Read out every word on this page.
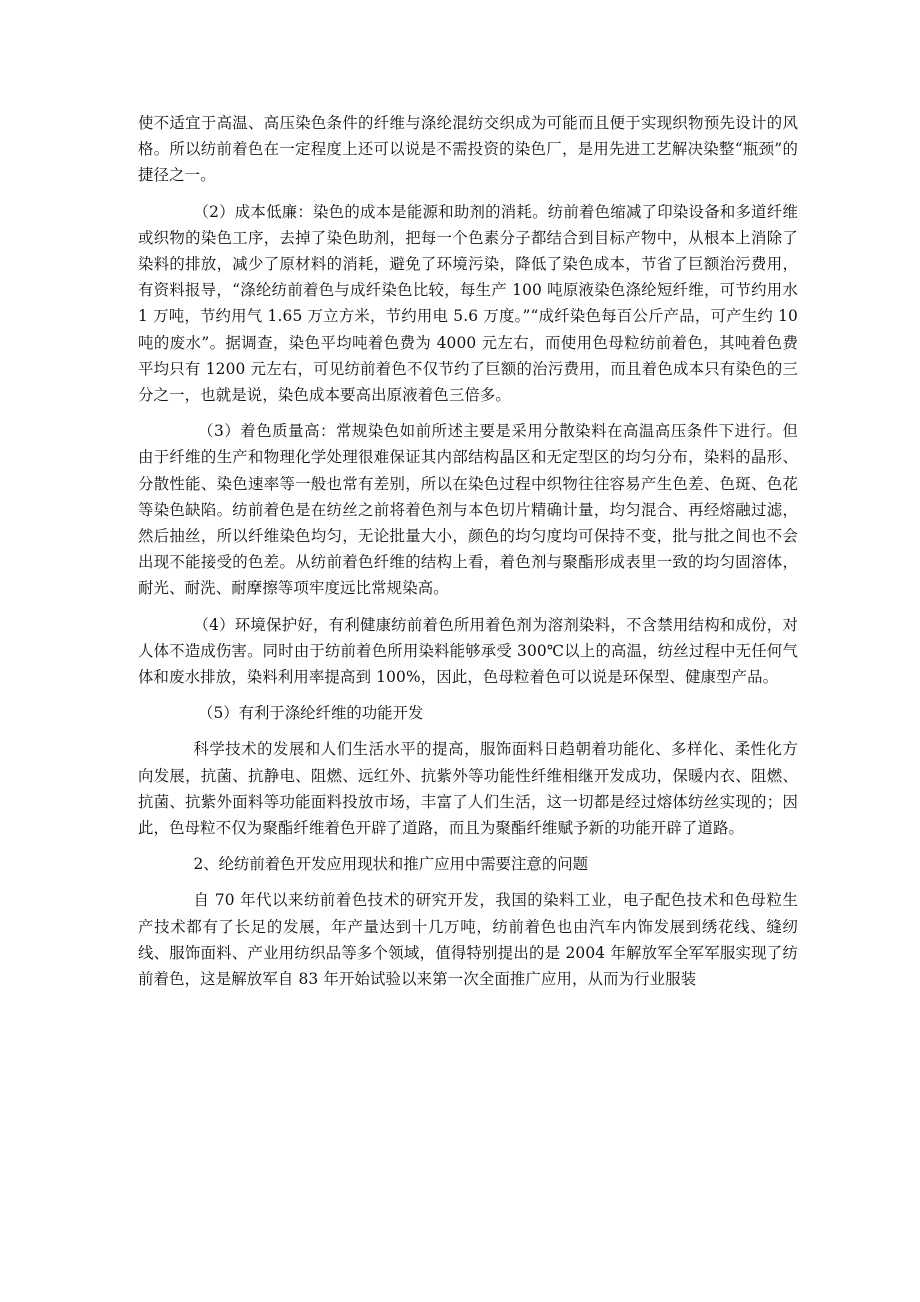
使不适宜于高温、高压染色条件的纤维与涤纶混纺交织成为可能而且便于实现织物预先设计的风格。所以纺前着色在一定程度上还可以说是不需投资的染色厂，是用先进工艺解决染整“瓶颈”的捷径之一。

（2）成本低廉：染色的成本是能源和助剂的消耗。纺前着色缩减了印染设备和多道纤维或织物的染色工序，去掉了染色助剂，把每一个色素分子都结合到目标产物中，从根本上消除了染料的排放，减少了原材料的消耗，避免了环境污染，降低了染色成本，节省了巨额治污费用，有资料报导，“涤纶纺前着色与成纤染色比较，每生产 100 吨原液染色涤纶短纤维，可节约用水 1 万吨，节约用气 1.65 万立方米，节约用电 5.6 万度。”“成纤染色每百公斤产品，可产生约 10 吨的废水”。据调查，染色平均吨着色费为 4000 元左右，而使用色母粒纺前着色，其吨着色费平均只有 1200 元左右，可见纺前着色不仅节约了巨额的治污费用，而且着色成本只有染色的三分之一，也就是说，染色成本要高出原液着色三倍多。

（3）着色质量高：常规染色如前所述主要是采用分散染料在高温高压条件下进行。但由于纤维的生产和物理化学处理很难保证其内部结构晶区和无定型区的均匀分布，染料的晶形、分散性能、染色速率等一般也常有差别，所以在染色过程中织物往往容易产生色差、色斑、色花等染色缺陷。纺前着色是在纺丝之前将着色剂与本色切片精确计量，均匀混合、再经熔融过滤，然后抽丝，所以纤维染色均匀，无论批量大小，颜色的均匀度均可保持不变，批与批之间也不会出现不能接受的色差。从纺前着色纤维的结构上看，着色剂与聚酯形成表里一致的均匀固溶体，耐光、耐洗、耐摩擦等项牢度远比常规染高。

（4）环境保护好，有利健康纺前着色所用着色剂为溶剂染料，不含禁用结构和成份，对人体不造成伤害。同时由于纺前着色所用染料能够承受 300℃以上的高温，纺丝过程中无任何气体和废水排放，染料利用率提高到 100%，因此，色母粒着色可以说是环保型、健康型产品。

（5）有利于涤纶纤维的功能开发

科学技术的发展和人们生活水平的提高，服饰面料日趋朝着功能化、多样化、柔性化方向发展，抗菌、抗静电、阻燃、远红外、抗紫外等功能性纤维相继开发成功，保暖内衣、阻燃、抗菌、抗紫外面料等功能面料投放市场，丰富了人们生活，这一切都是经过熔体纺丝实现的；因此，色母粒不仅为聚酯纤维着色开辟了道路，而且为聚酯纤维赋予新的功能开辟了道路。

2、纶纺前着色开发应用现状和推广应用中需要注意的问题

自 70 年代以来纺前着色技术的研究开发，我国的染料工业，电子配色技术和色母粒生产技术都有了长足的发展，年产量达到十几万吨，纺前着色也由汽车内饰发展到绣花线、缝纫线、服饰面料、产业用纺织品等多个领域，值得特别提出的是 2004 年解放军全军军服实现了纺前着色，这是解放军自 83 年开始试验以来第一次全面推广应用，从而为行业服装
